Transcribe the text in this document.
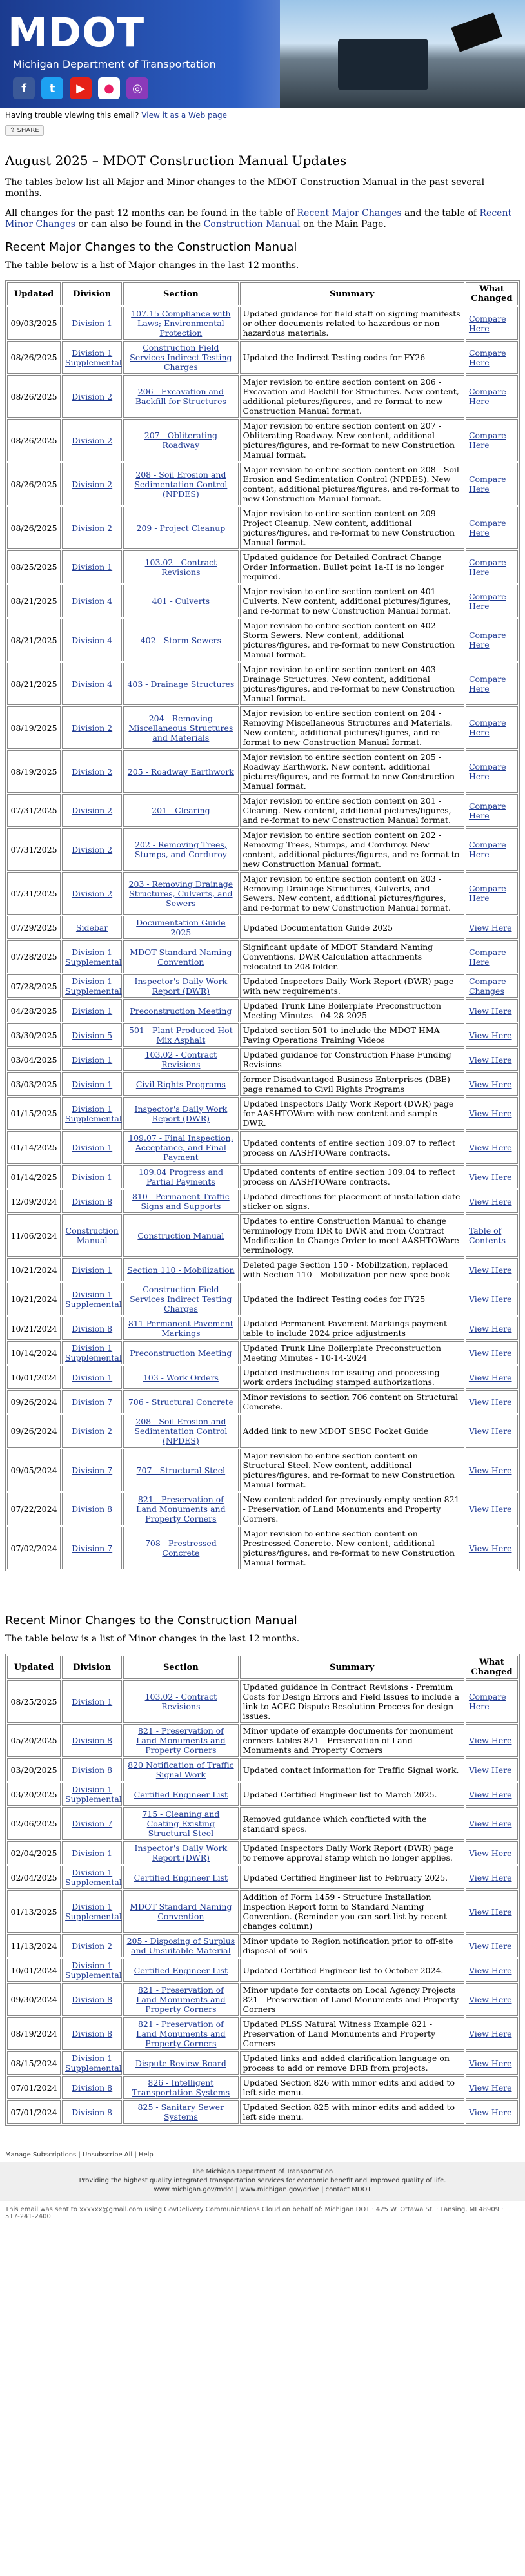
MDOT
Michigan Department of Transportation
f	t	▶	●	◎
Having trouble viewing this email? View it as a Web page
⇪ SHARE
August 2025 – MDOT Construction Manual Updates

The tables below list all Major and Minor changes to the MDOT Construction Manual in the past several months.

All changes for the past 12 months can be found in the table of Recent Major Changes and the table of Recent Minor Changes or can also be found in the Construction Manual on the Main Page.

Recent Major Changes to the Construction Manual

The table below is a list of Major changes in the last 12 months.

Updated	Division	Section	Summary	What Changed
09/03/2025	Division 1	107.15 Compliance with Laws; Environmental Protection	Updated guidance for field staff on signing manifests or other documents related to hazardous or non-hazardous materials.	Compare Here
08/26/2025	Division 1 Supplemental	Construction Field Services Indirect Testing Charges	Updated the Indirect Testing codes for FY26	Compare Here
08/26/2025	Division 2	206 - Excavation and Backfill for Structures	Major revision to entire section content on 206 - Excavation and Backfill for Structures. New content, additional pictures/figures, and re-format to new Construction Manual format.	Compare Here
08/26/2025	Division 2	207 - Obliterating Roadway	Major revision to entire section content on 207 - Obliterating Roadway. New content, additional pictures/figures, and re-format to new Construction Manual format.	Compare Here
08/26/2025	Division 2	208 - Soil Erosion and Sedimentation Control (NPDES)	Major revision to entire section content on 208 - Soil Erosion and Sedimentation Control (NPDES). New content, additional pictures/figures, and re-format to new Construction Manual format.	Compare Here
08/26/2025	Division 2	209 - Project Cleanup	Major revision to entire section content on 209 - Project Cleanup. New content, additional pictures/figures, and re-format to new Construction Manual format.	Compare Here
08/25/2025	Division 1	103.02 - Contract Revisions	Updated guidance for Detailed Contract Change Order Information. Bullet point 1a-H is no longer required.	Compare Here
08/21/2025	Division 4	401 - Culverts	Major revision to entire section content on 401 - Culverts. New content, additional pictures/figures, and re-format to new Construction Manual format.	Compare Here
08/21/2025	Division 4	402 - Storm Sewers	Major revision to entire section content on 402 - Storm Sewers. New content, additional pictures/figures, and re-format to new Construction Manual format.	Compare Here
08/21/2025	Division 4	403 - Drainage Structures	Major revision to entire section content on 403 - Drainage Structures. New content, additional pictures/figures, and re-format to new Construction Manual format.	Compare Here
08/19/2025	Division 2	204 - Removing Miscellaneous Structures and Materials	Major revision to entire section content on 204 - Removing Miscellaneous Structures and Materials. New content, additional pictures/figures, and re-format to new Construction Manual format.	Compare Here
08/19/2025	Division 2	205 - Roadway Earthwork	Major revision to entire section content on 205 - Roadway Earthwork. New content, additional pictures/figures, and re-format to new Construction Manual format.	Compare Here
07/31/2025	Division 2	201 - Clearing	Major revision to entire section content on 201 - Clearing. New content, additional pictures/figures, and re-format to new Construction Manual format.	Compare Here
07/31/2025	Division 2	202 - Removing Trees, Stumps, and Corduroy	Major revision to entire section content on 202 - Removing Trees, Stumps, and Corduroy. New content, additional pictures/figures, and re-format to new Construction Manual format.	Compare Here
07/31/2025	Division 2	203 - Removing Drainage Structures, Culverts, and Sewers	Major revision to entire section content on 203 - Removing Drainage Structures, Culverts, and Sewers. New content, additional pictures/figures, and re-format to new Construction Manual format.	Compare Here
07/29/2025	Sidebar	Documentation Guide 2025	Updated Documentation Guide 2025	View Here
07/28/2025	Division 1 Supplemental	MDOT Standard Naming Convention	Significant update of MDOT Standard Naming Conventions. DWR Calculation attachments relocated to 208 folder.	Compare Here
07/28/2025	Division 1 Supplemental	Inspector's Daily Work Report (DWR)	Updated Inspectors Daily Work Report (DWR) page with new requirements.	Compare Changes
04/28/2025	Division 1	Preconstruction Meeting	Updated Trunk Line Boilerplate Preconstruction Meeting Minutes - 04-28-2025	View Here
03/30/2025	Division 5	501 - Plant Produced Hot Mix Asphalt	Updated section 501 to include the MDOT HMA Paving Operations Training Videos	View Here
03/04/2025	Division 1	103.02 - Contract Revisions	Updated guidance for Construction Phase Funding Revisions	View Here
03/03/2025	Division 1	Civil Rights Programs	former Disadvantaged Business Enterprises (DBE) page renamed to Civil Rights Programs	View Here
01/15/2025	Division 1 Supplemental	Inspector's Daily Work Report (DWR)	Updated Inspectors Daily Work Report (DWR) page for AASHTOWare with new content and sample DWR.	View Here
01/14/2025	Division 1	109.07 - Final Inspection, Acceptance, and Final Payment	Updated contents of entire section 109.07 to reflect process on AASHTOWare contracts.	View Here
01/14/2025	Division 1	109.04 Progress and Partial Payments	Updated contents of entire section 109.04 to reflect process on AASHTOWare contracts.	View Here
12/09/2024	Division 8	810 - Permanent Traffic Signs and Supports	Updated directions for placement of installation date sticker on signs.	View Here
11/06/2024	Construction Manual	Construction Manual	Updates to entire Construction Manual to change terminology from IDR to DWR and from Contract Modification to Change Order to meet AASHTOWare terminology.	Table of Contents
10/21/2024	Division 1	Section 110 - Mobilization	Deleted page Section 150 - Mobilization, replaced with Section 110 - Mobilization per new spec book	View Here
10/21/2024	Division 1 Supplemental	Construction Field Services Indirect Testing Charges	Updated the Indirect Testing codes for FY25	View Here
10/21/2024	Division 8	811 Permanent Pavement Markings	Updated Permanent Pavement Markings payment table to include 2024 price adjustments	View Here
10/14/2024	Division 1 Supplemental	Preconstruction Meeting	Updated Trunk Line Boilerplate Preconstruction Meeting Minutes - 10-14-2024	View Here
10/01/2024	Division 1	103 - Work Orders	Updated instructions for issuing and processing work orders including stamped authorizations.	View Here
09/26/2024	Division 7	706 - Structural Concrete	Minor revisions to section 706 content on Structural Concrete.	View Here
09/26/2024	Division 2	208 - Soil Erosion and Sedimentation Control (NPDES)	Added link to new MDOT SESC Pocket Guide	View Here
09/05/2024	Division 7	707 - Structural Steel	Major revision to entire section content on Structural Steel. New content, additional pictures/figures, and re-format to new Construction Manual format.	View Here
07/22/2024	Division 8	821 - Preservation of Land Monuments and Property Corners	New content added for previously empty section 821 - Preservation of Land Monuments and Property Corners.	View Here
07/02/2024	Division 7	708 - Prestressed Concrete	Major revision to entire section content on Prestressed Concrete. New content, additional pictures/figures, and re-format to new Construction Manual format.	View Here
Recent Minor Changes to the Construction Manual

The table below is a list of Minor changes in the last 12 months.

Updated	Division	Section	Summary	What Changed
08/25/2025	Division 1	103.02 - Contract Revisions	Updated guidance in Contract Revisions - Premium Costs for Design Errors and Field Issues to include a link to ACEC Dispute Resolution Process for design issues.	Compare Here
05/20/2025	Division 8	821 - Preservation of Land Monuments and Property Corners	Minor update of example documents for monument corners tables 821 - Preservation of Land Monuments and Property Corners	View Here
03/20/2025	Division 8	820 Notification of Traffic Signal Work	Updated contact information for Traffic Signal work.	View Here
03/20/2025	Division 1 Supplemental	Certified Engineer List	Updated Certified Engineer list to March 2025.	View Here
02/06/2025	Division 7	715 - Cleaning and Coating Existing Structural Steel	Removed guidance which conflicted with the standard specs.	View Here
02/04/2025	Division 1	Inspector's Daily Work Report (DWR)	Updated Inspectors Daily Work Report (DWR) page to remove approval stamp which no longer applies.	View Here
02/04/2025	Division 1 Supplemental	Certified Engineer List	Updated Certified Engineer list to February 2025.	View Here
01/13/2025	Division 1 Supplemental	MDOT Standard Naming Convention	Addition of Form 1459 - Structure Installation Inspection Report form to Standard Naming Convention. (Reminder you can sort list by recent changes column)	View Here
11/13/2024	Division 2	205 - Disposing of Surplus and Unsuitable Material	Minor update to Region notification prior to off-site disposal of soils	View Here
10/01/2024	Division 1 Supplemental	Certified Engineer List	Updated Certified Engineer list to October 2024.	View Here
09/30/2024	Division 8	821 - Preservation of Land Monuments and Property Corners	Minor update for contacts on Local Agency Projects 821 - Preservation of Land Monuments and Property Corners	View Here
08/19/2024	Division 8	821 - Preservation of Land Monuments and Property Corners	Updated PLSS Natural Witness Example 821 - Preservation of Land Monuments and Property Corners	View Here
08/15/2024	Division 1 Supplemental	Dispute Review Board	Updated links and added clarification language on process to add or remove DRB from projects.	View Here
07/01/2024	Division 8	826 - Intelligent Transportation Systems	Updated Section 826 with minor edits and added to left side menu.	View Here
07/01/2024	Division 8	825 - Sanitary Sewer Systems	Updated Section 825 with minor edits and added to left side menu.	View Here
Manage Subscriptions | Unsubscribe All | Help
The Michigan Department of Transportation
Providing the highest quality integrated transportation services for economic benefit and improved quality of life.
www.michigan.gov/mdot | www.michigan.gov/drive | contact MDOT
This email was sent to xxxxxx@gmail.com using GovDelivery Communications Cloud on behalf of: Michigan DOT · 425 W. Ottawa St. · Lansing, MI 48909 · 517-241-2400
